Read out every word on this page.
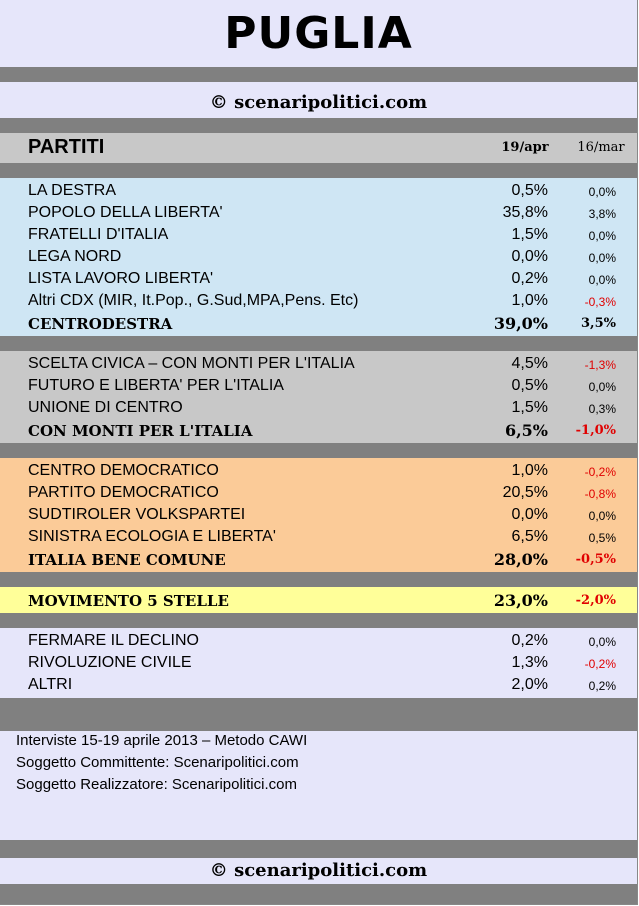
PUGLIA
© scenaripolitici.com
PARTITI	19/apr	16/mar
Interviste 15-19 aprile 2013 – Metodo CAWI
Soggetto Committente: Scenaripolitici.com
Soggetto Realizzatore: Scenaripolitici.com
© scenaripolitici.com
LA DESTRA	0,5%	0,0%
POPOLO DELLA LIBERTA'	35,8%	3,8%
FRATELLI D'ITALIA	1,5%	0,0%
LEGA NORD	0,0%	0,0%
LISTA LAVORO LIBERTA'	0,2%	0,0%
Altri CDX (MIR, It.Pop., G.Sud,MPA,Pens. Etc)	1,0%	-0,3%
CENTRODESTRA	39,0%	3,5%
SCELTA CIVICA – CON MONTI PER L'ITALIA	4,5%	-1,3%
FUTURO E LIBERTA' PER L'ITALIA	0,5%	0,0%
UNIONE DI CENTRO	1,5%	0,3%
CON MONTI PER L'ITALIA	6,5%	-1,0%
CENTRO DEMOCRATICO	1,0%	-0,2%
PARTITO DEMOCRATICO	20,5%	-0,8%
SUDTIROLER VOLKSPARTEI	0,0%	0,0%
SINISTRA ECOLOGIA E LIBERTA'	6,5%	0,5%
ITALIA BENE COMUNE	28,0%	-0,5%
MOVIMENTO 5 STELLE	23,0%	-2,0%
FERMARE IL DECLINO	0,2%	0,0%
RIVOLUZIONE CIVILE	1,3%	-0,2%
ALTRI	2,0%	0,2%
